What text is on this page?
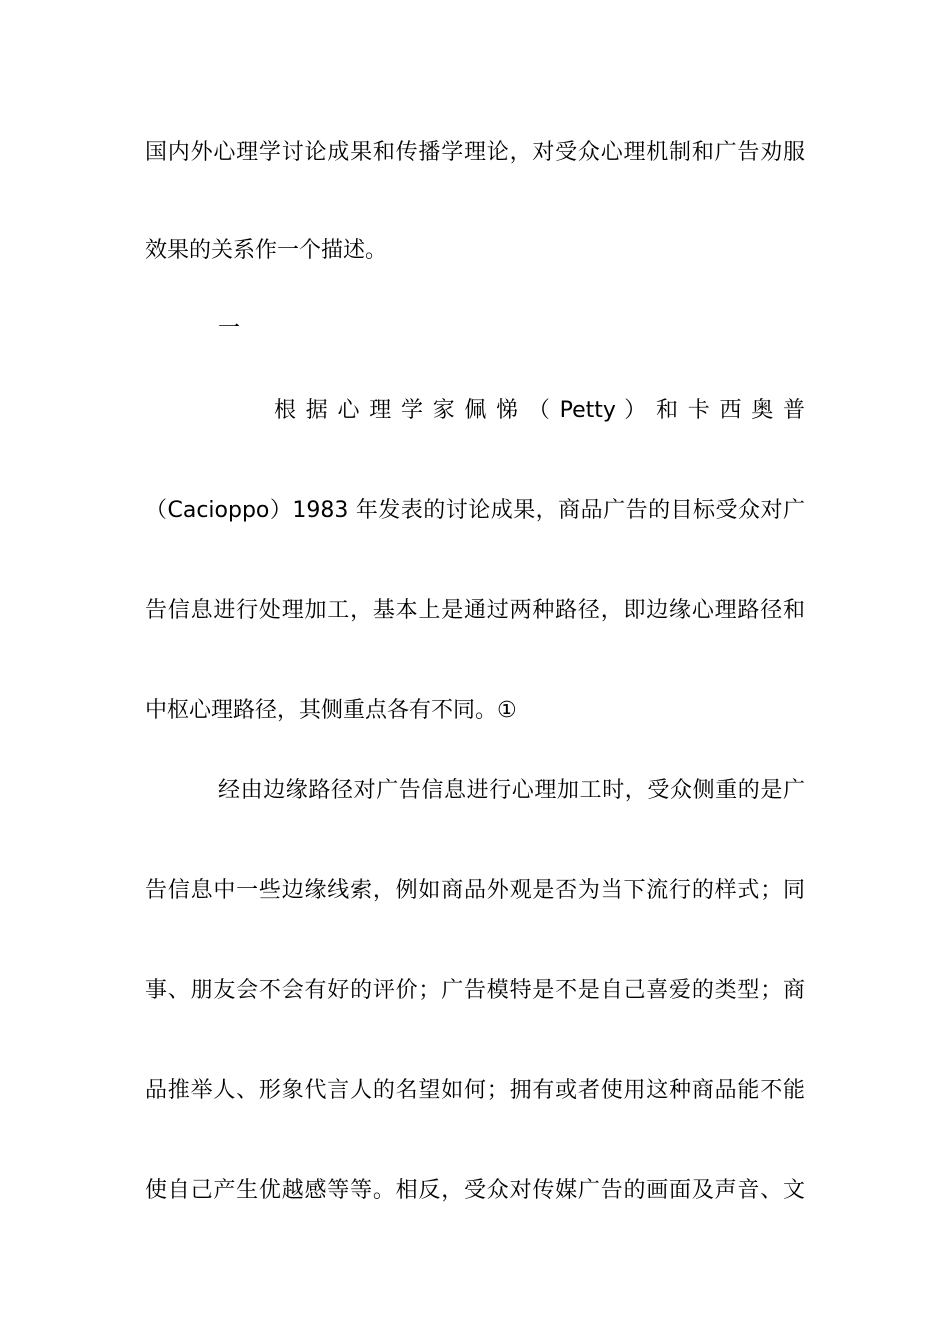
国内外心理学讨论成果和传播学理论，对受众心理机制和广告劝服
效果的关系作一个描述。
一
根 据 心 理 学 家 佩 悌 （ Petty ） 和 卡 西 奥 普
（Cacioppo）1983 年发表的讨论成果，商品广告的目标受众对广
告信息进行处理加工，基本上是通过两种路径，即边缘心理路径和
中枢心理路径，其侧重点各有不同。①
经由边缘路径对广告信息进行心理加工时，受众侧重的是广
告信息中一些边缘线索，例如商品外观是否为当下流行的样式；同
事、朋友会不会有好的评价；广告模特是不是自己喜爱的类型；商
品推举人、形象代言人的名望如何；拥有或者使用这种商品能不能
使自己产生优越感等等。相反，受众对传媒广告的画面及声音、文
